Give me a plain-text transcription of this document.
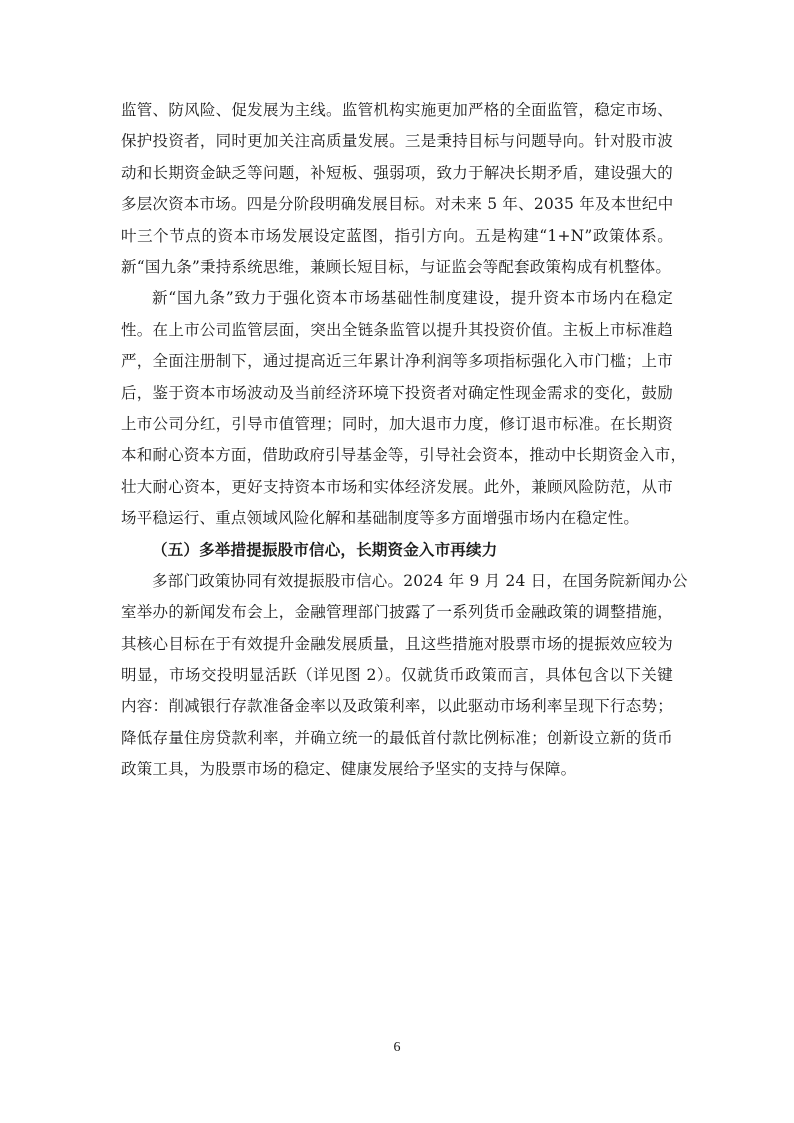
监管、防风险、促发展为主线。监管机构实施更加严格的全面监管，稳定市场、
保护投资者，同时更加关注高质量发展。三是秉持目标与问题导向。针对股市波
动和长期资金缺乏等问题，补短板、强弱项，致力于解决长期矛盾，建设强大的
多层次资本市场。四是分阶段明确发展目标。对未来 5 年、2035 年及本世纪中
叶三个节点的资本市场发展设定蓝图，指引方向。五是构建“1+N”政策体系。
新“国九条”秉持系统思维，兼顾长短目标，与证监会等配套政策构成有机整体。
新“国九条”致力于强化资本市场基础性制度建设，提升资本市场内在稳定
性。在上市公司监管层面，突出全链条监管以提升其投资价值。主板上市标准趋
严，全面注册制下，通过提高近三年累计净利润等多项指标强化入市门槛；上市
后，鉴于资本市场波动及当前经济环境下投资者对确定性现金需求的变化，鼓励
上市公司分红，引导市值管理；同时，加大退市力度，修订退市标准。在长期资
本和耐心资本方面，借助政府引导基金等，引导社会资本，推动中长期资金入市，
壮大耐心资本，更好支持资本市场和实体经济发展。此外，兼顾风险防范，从市
场平稳运行、重点领域风险化解和基础制度等多方面增强市场内在稳定性。
（五）多举措提振股市信心，长期资金入市再续力
多部门政策协同有效提振股市信心。2024 年 9 月 24 日，在国务院新闻办公
室举办的新闻发布会上，金融管理部门披露了一系列货币金融政策的调整措施，
其核心目标在于有效提升金融发展质量，且这些措施对股票市场的提振效应较为
明显，市场交投明显活跃（详见图 2）。仅就货币政策而言，具体包含以下关键
内容：削减银行存款准备金率以及政策利率，以此驱动市场利率呈现下行态势；
降低存量住房贷款利率，并确立统一的最低首付款比例标准；创新设立新的货币
政策工具，为股票市场的稳定、健康发展给予坚实的支持与保障。
6
